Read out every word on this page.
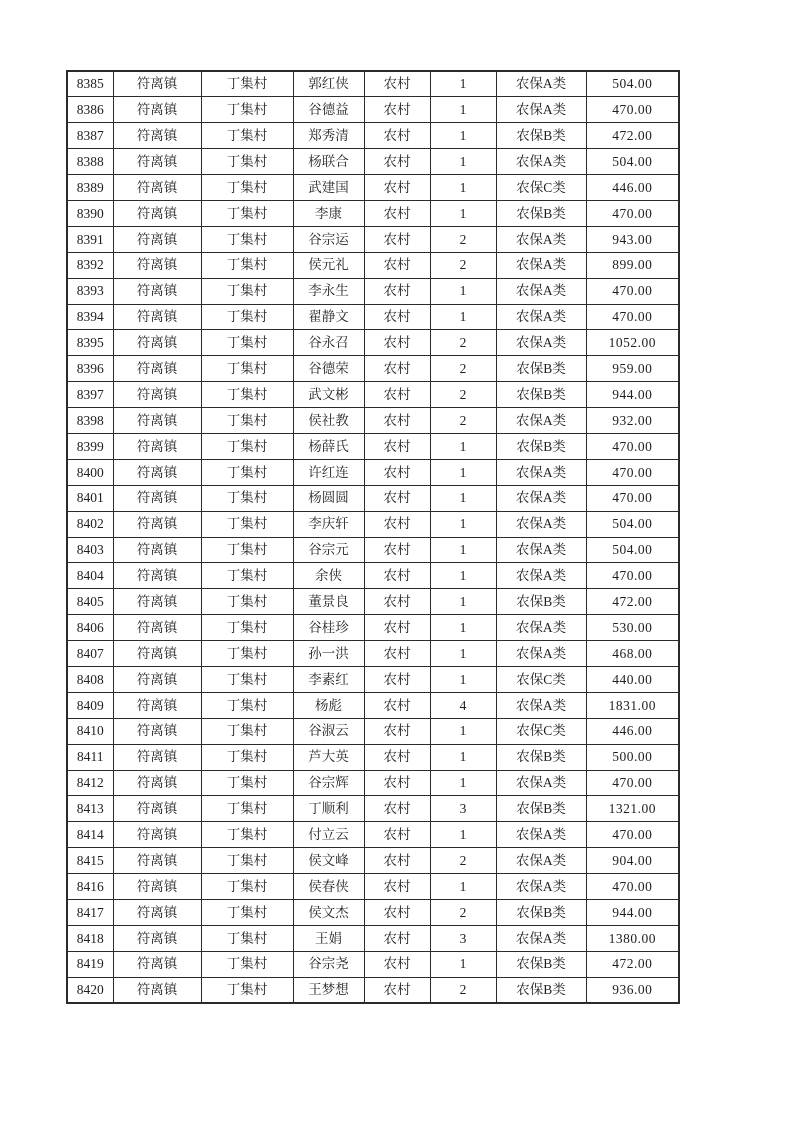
8385	符离镇	丁集村	郭红侠	农村	1	农保A类	504.00
8386	符离镇	丁集村	谷德益	农村	1	农保A类	470.00
8387	符离镇	丁集村	郑秀清	农村	1	农保B类	472.00
8388	符离镇	丁集村	杨联合	农村	1	农保A类	504.00
8389	符离镇	丁集村	武建国	农村	1	农保C类	446.00
8390	符离镇	丁集村	李康	农村	1	农保B类	470.00
8391	符离镇	丁集村	谷宗运	农村	2	农保A类	943.00
8392	符离镇	丁集村	侯元礼	农村	2	农保A类	899.00
8393	符离镇	丁集村	李永生	农村	1	农保A类	470.00
8394	符离镇	丁集村	翟静文	农村	1	农保A类	470.00
8395	符离镇	丁集村	谷永召	农村	2	农保A类	1052.00
8396	符离镇	丁集村	谷德荣	农村	2	农保B类	959.00
8397	符离镇	丁集村	武文彬	农村	2	农保B类	944.00
8398	符离镇	丁集村	侯社教	农村	2	农保A类	932.00
8399	符离镇	丁集村	杨薛氏	农村	1	农保B类	470.00
8400	符离镇	丁集村	许红连	农村	1	农保A类	470.00
8401	符离镇	丁集村	杨圆圆	农村	1	农保A类	470.00
8402	符离镇	丁集村	李庆轩	农村	1	农保A类	504.00
8403	符离镇	丁集村	谷宗元	农村	1	农保A类	504.00
8404	符离镇	丁集村	余侠	农村	1	农保A类	470.00
8405	符离镇	丁集村	董景良	农村	1	农保B类	472.00
8406	符离镇	丁集村	谷桂珍	农村	1	农保A类	530.00
8407	符离镇	丁集村	孙一洪	农村	1	农保A类	468.00
8408	符离镇	丁集村	李素红	农村	1	农保C类	440.00
8409	符离镇	丁集村	杨彪	农村	4	农保A类	1831.00
8410	符离镇	丁集村	谷淑云	农村	1	农保C类	446.00
8411	符离镇	丁集村	芦大英	农村	1	农保B类	500.00
8412	符离镇	丁集村	谷宗辉	农村	1	农保A类	470.00
8413	符离镇	丁集村	丁顺利	农村	3	农保B类	1321.00
8414	符离镇	丁集村	付立云	农村	1	农保A类	470.00
8415	符离镇	丁集村	侯文峰	农村	2	农保A类	904.00
8416	符离镇	丁集村	侯春侠	农村	1	农保A类	470.00
8417	符离镇	丁集村	侯文杰	农村	2	农保B类	944.00
8418	符离镇	丁集村	王娟	农村	3	农保A类	1380.00
8419	符离镇	丁集村	谷宗尧	农村	1	农保B类	472.00
8420	符离镇	丁集村	王梦想	农村	2	农保B类	936.00
